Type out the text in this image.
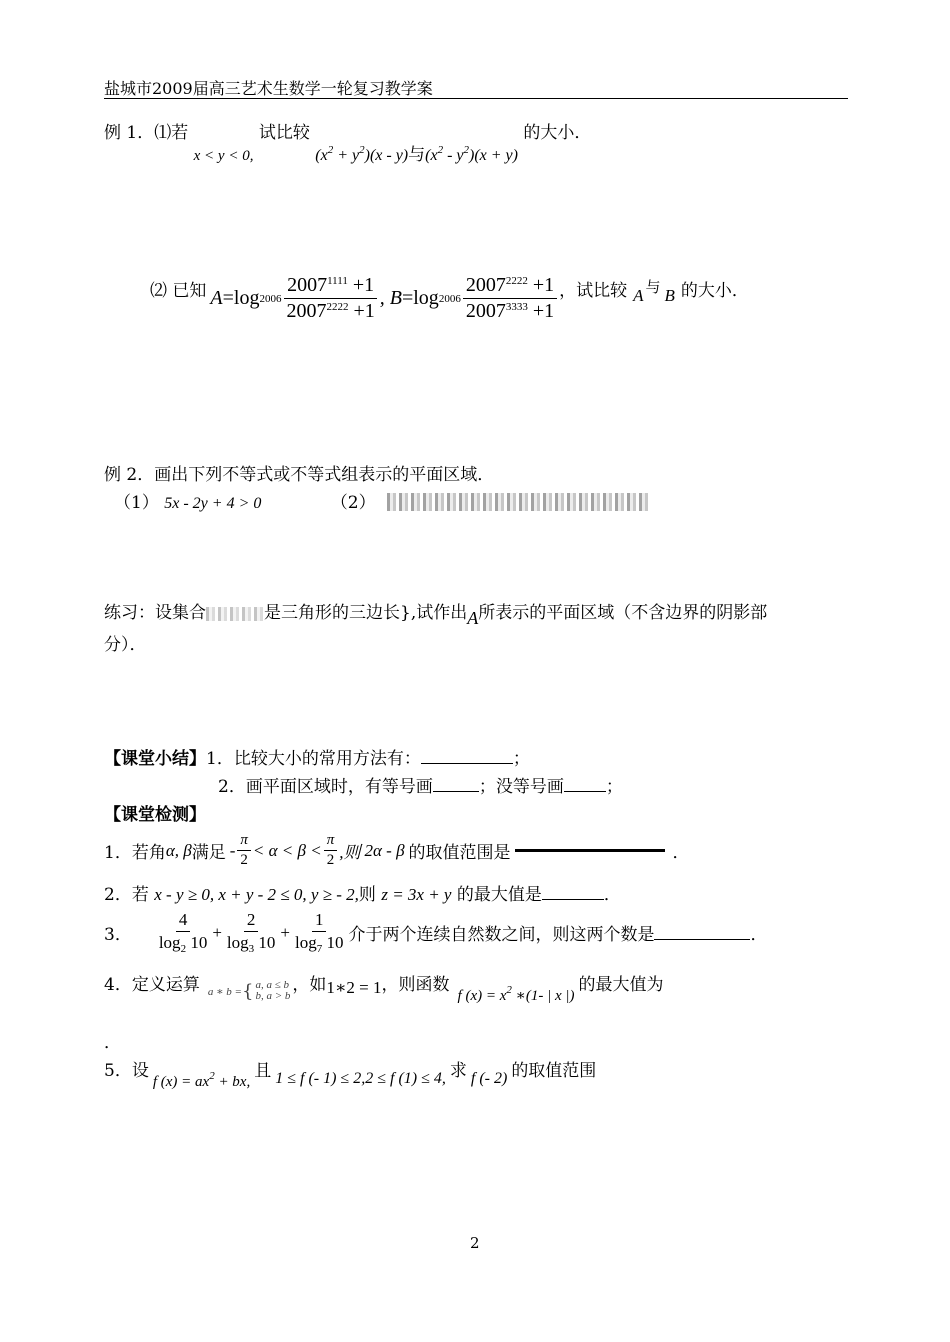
盐城市2009届高三艺术生数学一轮复习教学案
例 1．⑴若 x < y < 0, 试比较 $(x^2 + y^2)(x - y)$与$(x^2 - y^2)(x + y)$ 的大小．
⑵ 已知 A =log $2006 \frac{2007^{1111} +1}{2007^{2222} +1}$ , B =log $2006 \frac{2007^{2222} +1}{2007^{3333} +1}$ ，试比较 A 与 B 的大小．
例 2．画出下列不等式或不等式组表示的平面区域．
（1） 5x - 2y + 4 > 0	（2）
练习：设集合	是三角形的三边长},试作出A所表示的平面区域（不含边界的阴影部
分）．
【课堂小结】1．比较大小的常用方法有：	；
2．画平面区域时，有等号画	；没等号画 ；
【课堂检测】
1． 若角 α, β 满足 - $\frac{\pi}{2} < \alpha < \beta < \frac{\pi}{2}$ ,则 2α - β 的取值范围是	．
2．若 x - y ≥ 0, x + y - 2 ≤ 0, y ≥ - 2,则 z = 3x + y 的最大值是	．
3． $\frac{4}{\log_2 10} + \frac{2}{\log_3 10} + \frac{1}{\log_7 10}$ 介于两个连续自然数之间，则这两个数是	．
4． 定义运算 a ∗ b = { a, a ≤ b
b, a > b
，如 1∗2 = 1 ，则函数
f $(x) = x^2$ ∗(1- | x |)
的最大值为
．
5． 设
f $(x) = ax^2$ + bx,
且 1 ≤ f (- 1) ≤ 2,2 ≤ f (1) ≤ 4, 求 f (- 2) 的取值范围
2
